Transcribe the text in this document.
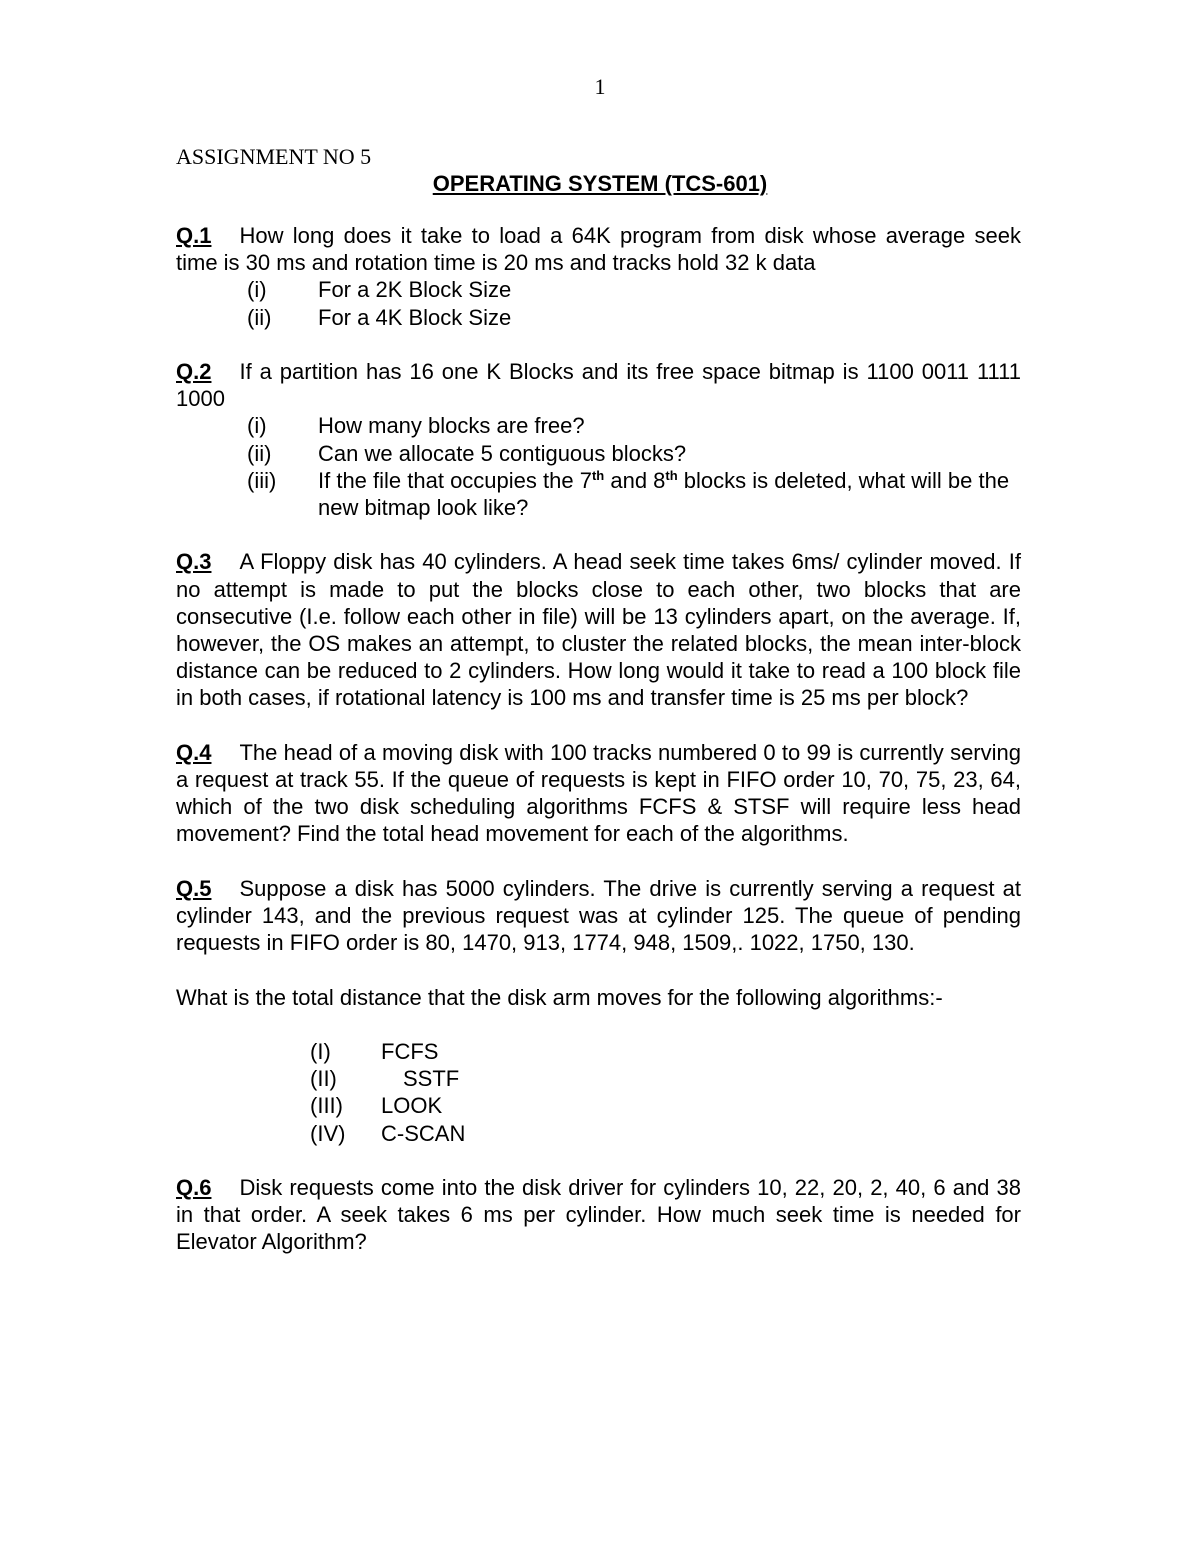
1
ASSIGNMENT NO 5
OPERATING SYSTEM (TCS-601)

Q.1 How long does it take to load a 64K program from disk whose average seek time is 30 ms and rotation time is 20 ms and tracks hold 32 k data

(i)	For a 2K Block Size
(ii)	For a 4K Block Size

Q.2 If a partition has 16 one K Blocks and its free space bitmap is 1100 0011 1111 1000

(i)	How many blocks are free?
(ii)	Can we allocate 5 contiguous blocks?
(iii)	If the file that occupies the 7th and 8th blocks is deleted, what will be the new bitmap look like?

Q.3 A Floppy disk has 40 cylinders. A head seek time takes 6ms/ cylinder moved. If no attempt is made to put the blocks close to each other, two blocks that are consecutive (I.e. follow each other in file) will be 13 cylinders apart, on the average. If, however, the OS makes an attempt, to cluster the related blocks, the mean inter-block distance can be reduced to 2 cylinders. How long would it take to read a 100 block file in both cases, if rotational latency is 100 ms and transfer time is 25 ms per block?

Q.4 The head of a moving disk with 100 tracks numbered 0 to 99 is currently serving a request at track 55. If the queue of requests is kept in FIFO order 10, 70, 75, 23, 64, which of the two disk scheduling algorithms FCFS & STSF will require less head movement? Find the total head movement for each of the algorithms.

Q.5 Suppose a disk has 5000 cylinders. The drive is currently serving a request at cylinder 143, and the previous request was at cylinder 125. The queue of pending requests in FIFO order is 80, 1470, 913, 1774, 948, 1509,. 1022, 1750, 130.

What is the total distance that the disk arm moves for the following algorithms:-

(I)	FCFS
(II)	SSTF
(III)	LOOK
(IV)	C-SCAN

Q.6 Disk requests come into the disk driver for cylinders 10, 22, 20, 2, 40, 6 and 38 in that order. A seek takes 6 ms per cylinder. How much seek time is needed for Elevator Algorithm?
